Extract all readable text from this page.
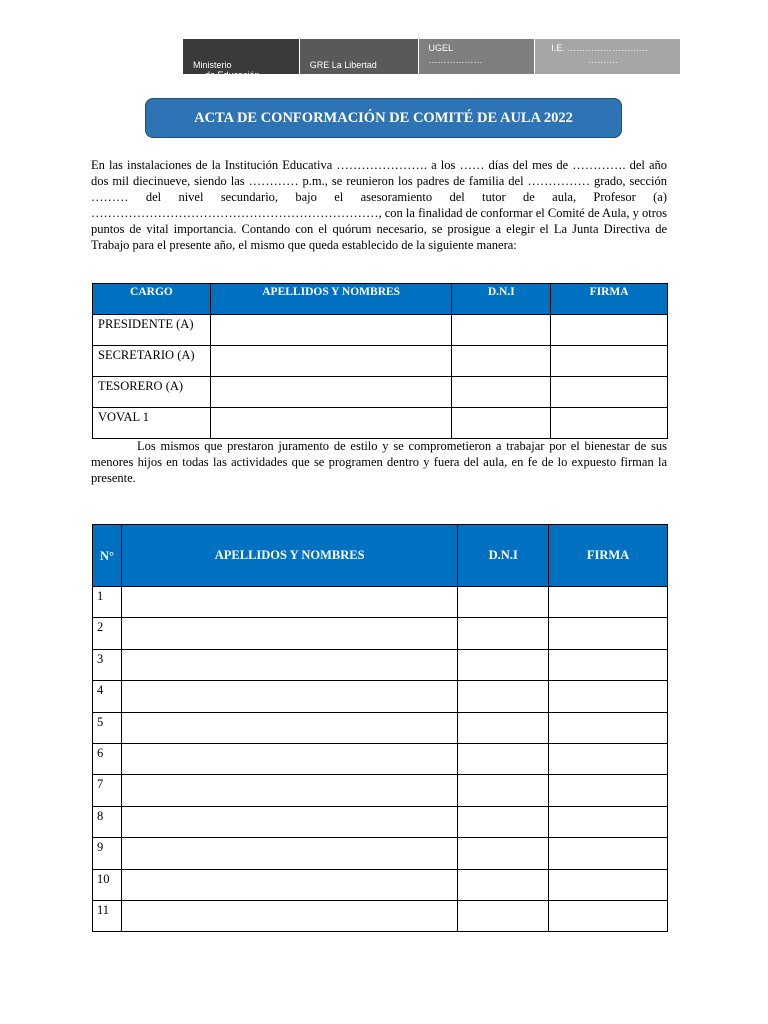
Ministerio
de Educación
GRE La Libertad
UGEL
………………
I.E. ………………………
……….
ACTA DE CONFORMACIÓN DE COMITÉ DE AULA 2022

En las instalaciones de la Institución Educativa …………………. a los …… días del mes de …………. del año dos mil diecinueve, siendo las ………… p.m., se reunieron los padres de familia del …………… grado, sección ……… del nivel secundario, bajo el asesoramiento del tutor de aula, Profesor (a) ……………………………………………………………, con la finalidad de conformar el Comité de Aula, y otros puntos de vital importancia. Contando con el quórum necesario, se prosigue a elegir el La Junta Directiva de Trabajo para el presente año, el mismo que queda establecido de la siguiente manera:

CARGO	APELLIDOS Y NOMBRES	D.N.I	FIRMA
PRESIDENTE (A)			
SECRETARIO (A)			
TESORERO (A)			
VOVAL 1			

Los mismos que prestaron juramento de estilo y se comprometieron a trabajar por el bienestar de sus menores hijos en todas las actividades que se programen dentro y fuera del aula, en fe de lo expuesto firman la presente.

N°	APELLIDOS Y NOMBRES	D.N.I	FIRMA
1			
2			
3			
4			
5			
6			
7			
8			
9			
10			
11			
